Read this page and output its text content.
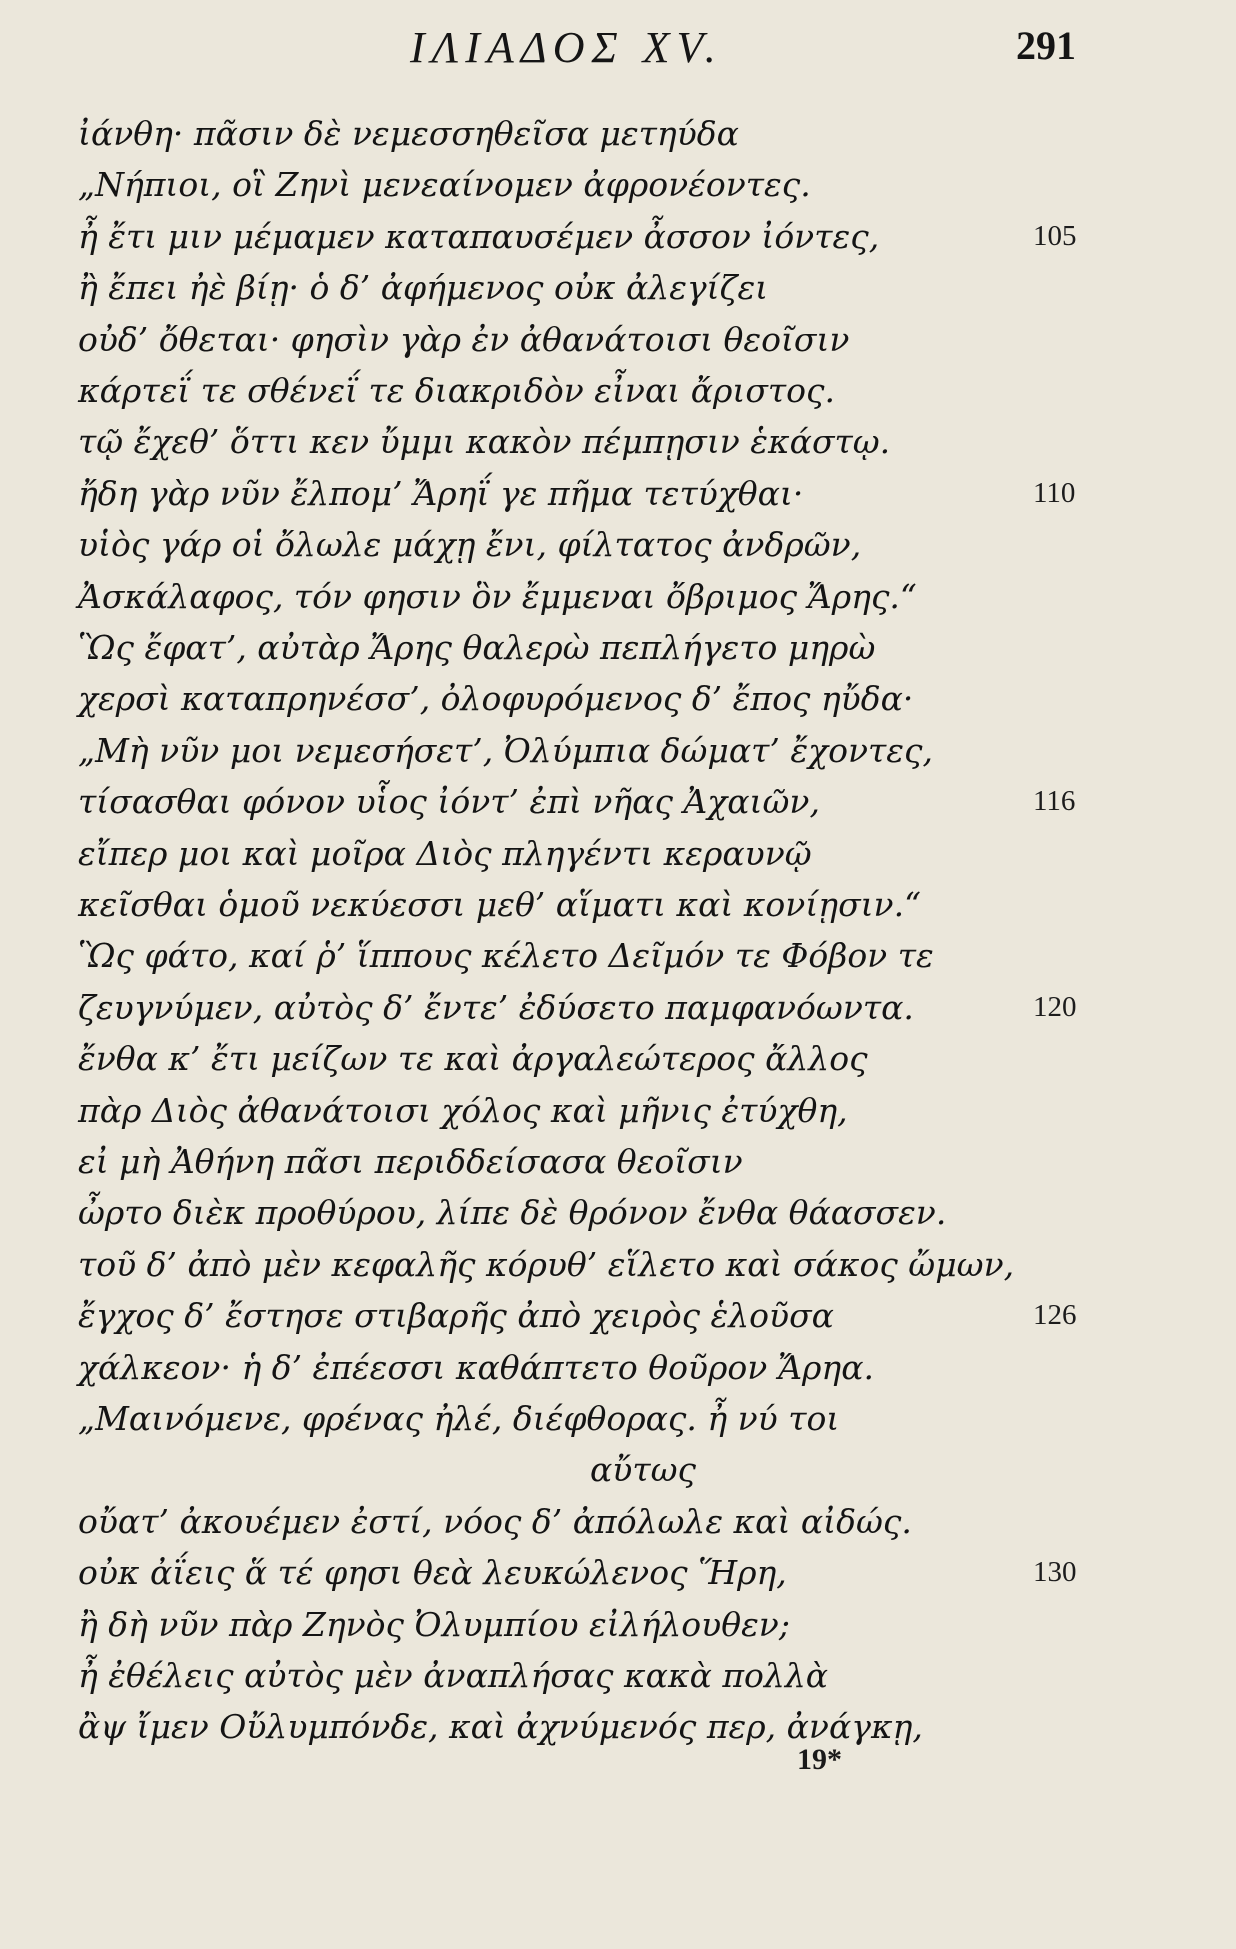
ΙΛΙΑΔΟΣ XV.	291
ἰάνθη· πᾶσιν δὲ νεμεσσηθεῖσα μετηύδα
„Νήπιοι, οἳ Ζηνὶ μενεαίνομεν ἀφρονέοντες.
ἦ ἔτι μιν μέμαμεν καταπαυσέμεν ἆσσον ἰόντες,	105
ἢ ἔπει ἠὲ βίῃ· ὁ δ’ ἀφήμενος οὐκ ἀλεγίζει
οὐδ’ ὄθεται· φησὶν γὰρ ἐν ἀθανάτοισι θεοῖσιν
κάρτεΐ τε σθένεΐ τε διακριδὸν εἶναι ἄριστος.
τῷ ἔχεθ’ ὅττι κεν ὔμμι κακὸν πέμπῃσιν ἑκάστῳ.
ἤδη γὰρ νῦν ἔλπομ’ Ἄρηΐ γε πῆμα τετύχθαι·	110
υἱὸς γάρ οἱ ὄλωλε μάχῃ ἔνι, φίλτατος ἀνδρῶν,
Ἀσκάλαφος, τόν φησιν ὃν ἔμμεναι ὄβριμος Ἄρης.“
Ὣς ἔφατ’, αὐτὰρ Ἄρης θαλερὼ πεπλήγετο μηρὼ
χερσὶ καταπρηνέσσ’, ὀλοφυρόμενος δ’ ἔπος ηὔδα·
„Μὴ νῦν μοι νεμεσήσετ’, Ὀλύμπια δώματ’ ἔχοντες,
τίσασθαι φόνον υἷος ἰόντ’ ἐπὶ νῆας Ἀχαιῶν,	116
εἴπερ μοι καὶ μοῖρα Διὸς πληγέντι κεραυνῷ
κεῖσθαι ὁμοῦ νεκύεσσι μεθ’ αἵματι καὶ κονίῃσιν.“
Ὣς φάτο, καί ῥ’ ἵππους κέλετο Δεῖμόν τε Φόβον τε
ζευγνύμεν, αὐτὸς δ’ ἔντε’ ἐδύσετο παμφανόωντα.	120
ἔνθα κ’ ἔτι μείζων τε καὶ ἀργαλεώτερος ἄλλος
πὰρ Διὸς ἀθανάτοισι χόλος καὶ μῆνις ἐτύχθη,
εἰ μὴ Ἀθήνη πᾶσι περιδδείσασα θεοῖσιν
ὦρτο διὲκ προθύρου, λίπε δὲ θρόνον ἔνθα θάασσεν.
τοῦ δ’ ἀπὸ μὲν κεφαλῆς κόρυθ’ εἵλετο καὶ σάκος ὤμων,
ἔγχος δ’ ἔστησε στιβαρῆς ἀπὸ χειρὸς ἑλοῦσα	126
χάλκεον· ἡ δ’ ἐπέεσσι καθάπτετο θοῦρον Ἄρηα.
„Μαινόμενε, φρένας ἠλέ, διέφθορας. ἦ νύ τοι
αὔτως
οὔατ’ ἀκουέμεν ἐστί, νόος δ’ ἀπόλωλε καὶ αἰδώς.
οὐκ ἀΐεις ἅ τέ φησι θεὰ λευκώλενος Ἥρη,	130
ἢ δὴ νῦν πὰρ Ζηνὸς Ὀλυμπίου εἰλήλουθεν;
ἦ ἐθέλεις αὐτὸς μὲν ἀναπλήσας κακὰ πολλὰ
ἂψ ἴμεν Οὔλυμπόνδε, καὶ ἀχνύμενός περ, ἀνάγκῃ,
19*
